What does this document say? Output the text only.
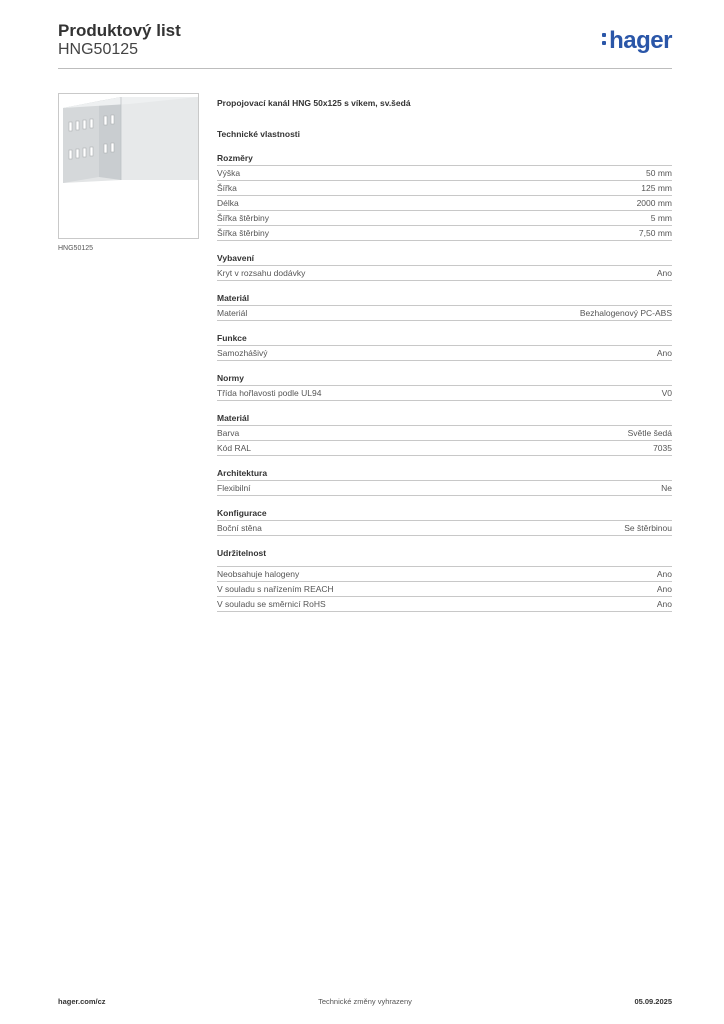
Produktový list
HNG50125	hager
HNG50125
Propojovací kanál HNG 50x125 s víkem, sv.šedá
Technické vlastnosti
Rozměry
Výška	50 mm
Šířka	125 mm
Délka	2000 mm
Šířka štěrbiny	5 mm
Šířka štěrbiny	7,50 mm
Vybavení
Kryt v rozsahu dodávky	Ano
Materiál
Materiál	Bezhalogenový PC-ABS
Funkce
Samozhášivý	Ano
Normy
Třída hořlavosti podle UL94	V0
Materiál
Barva	Světle šedá
Kód RAL	7035
Architektura
Flexibilní	Ne
Konfigurace
Boční stěna	Se štěrbinou
Udržitelnost
Neobsahuje halogeny	Ano
V souladu s nařízením REACH	Ano
V souladu se směrnicí RoHS	Ano
hager.com/cz	Technické změny vyhrazeny	05.09.2025
